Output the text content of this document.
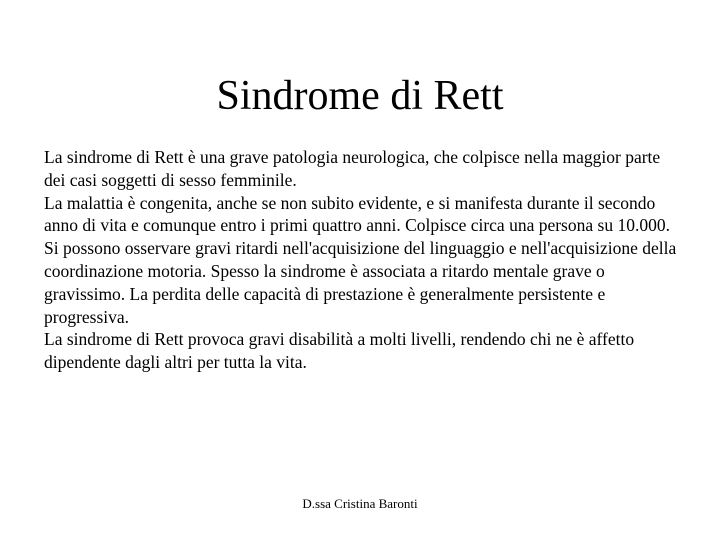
Sindrome di Rett

La sindrome di Rett è una grave patologia neurologica, che colpisce nella maggior parte dei casi soggetti di sesso femminile.

La malattia è congenita, anche se non subito evidente, e si manifesta durante il secondo anno di vita e comunque entro i primi quattro anni. Colpisce circa una persona su 10.000.

Si possono osservare gravi ritardi nell'acquisizione del linguaggio e nell'acquisizione della coordinazione motoria. Spesso la sindrome è associata a ritardo mentale grave o gravissimo. La perdita delle capacità di prestazione è generalmente persistente e progressiva.

La sindrome di Rett provoca gravi disabilità a molti livelli, rendendo chi ne è affetto dipendente dagli altri per tutta la vita.

D.ssa Cristina Baronti
